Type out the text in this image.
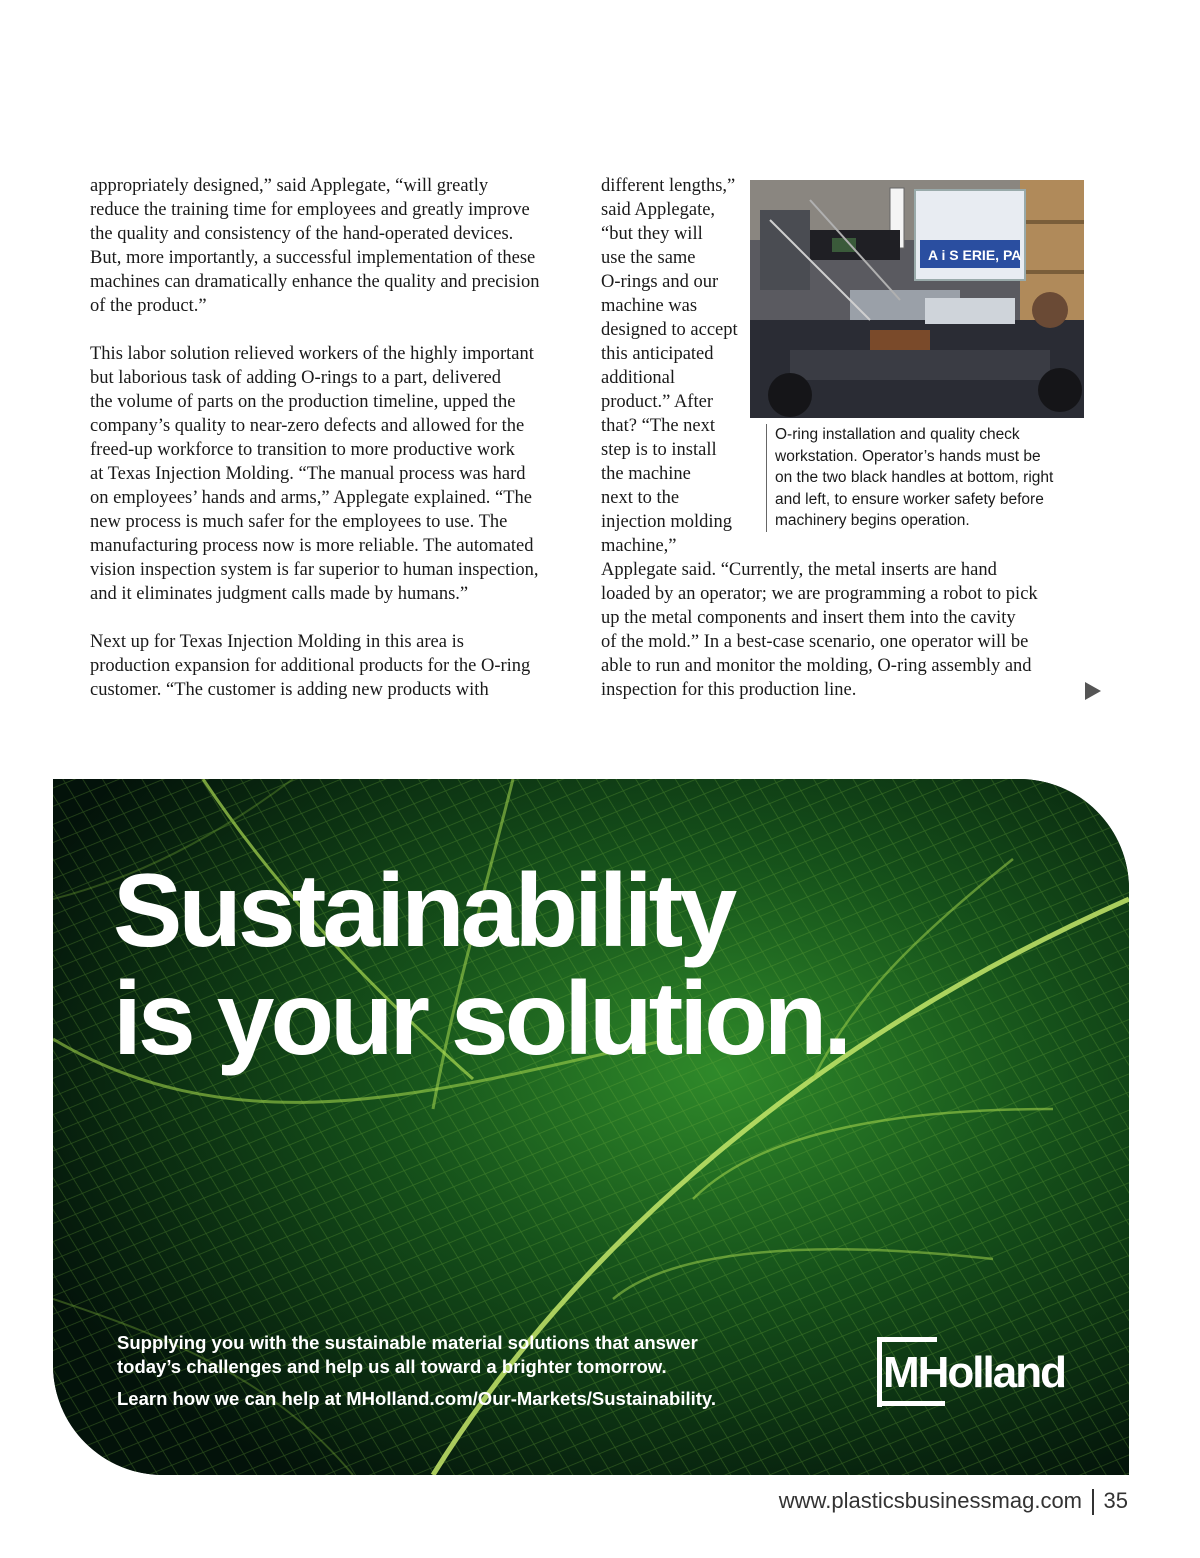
appropriately designed,” said Applegate, “will greatly
reduce the training time for employees and greatly improve
the quality and consistency of the hand-operated devices.
But, more importantly, a successful implementation of these
machines can dramatically enhance the quality and precision
of the product.”

This labor solution relieved workers of the highly important
but laborious task of adding O-rings to a part, delivered
the volume of parts on the production timeline, upped the
company’s quality to near-zero defects and allowed for the
freed-up workforce to transition to more productive work
at Texas Injection Molding. “The manual process was hard
on employees’ hands and arms,” Applegate explained. “The
new process is much safer for the employees to use. The
manufacturing process now is more reliable. The automated
vision inspection system is far superior to human inspection,
and it eliminates judgment calls made by humans.”

Next up for Texas Injection Molding in this area is
production expansion for additional products for the O-ring
customer. “The customer is adding new products with

different lengths,”
said Applegate,
“but they will
use the same
O-rings and our
machine was
designed to accept
this anticipated
additional
product.” After
that? “The next
step is to install
the machine
next to the
injection molding
machine,”
Applegate said. “Currently, the metal inserts are hand
loaded by an operator; we are programming a robot to pick
up the metal components and insert them into the cavity
of the mold.” In a best-case scenario, one operator will be
able to run and monitor the molding, O-ring assembly and
inspection for this production line.
A i S ERIE, PA
O-ring installation and quality check
workstation. Operator’s hands must be
on the two black handles at bottom, right
and left, to ensure worker safety before
machinery begins operation.
Sustainability
is your solution.
Supplying you with the sustainable material solutions that answer
today’s challenges and help us all toward a brighter tomorrow.
Learn how we can help at MHolland.com/Our-Markets/Sustainability.
MHolland
www.plasticsbusinessmag.com 35
